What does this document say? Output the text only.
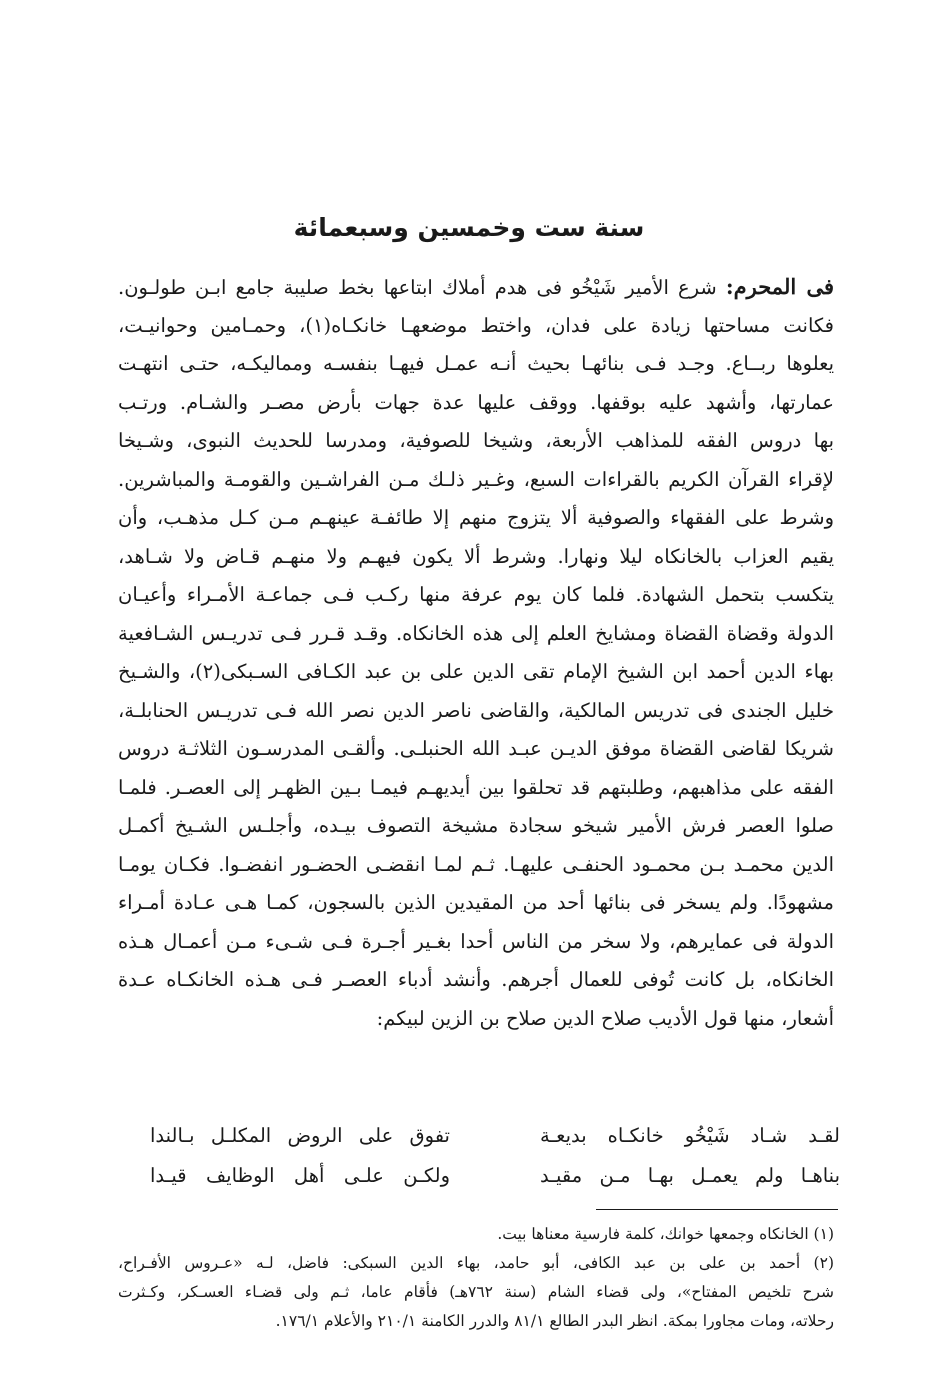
سنة ست وخمسين وسبعمائة
فى المحرم: شرع الأمير شَيْخُو فى هدم أملاك ابتاعها بخط صليبة جامع ابـن طولـون.
فكانت مساحتها زيادة على فدان، واختط موضعهـا خانكـاه(١)، وحمـامين وحوانيـت،
يعلوها ربــاع. وجـد فـى بنائهـا بحيث أنـه عمـل فيهـا بنفسـه ومماليكـه، حتـى انتهـت
عمارتها، وأشهد عليه بوقفها. ووقف عليها عدة جهات بأرض مصـر والشـام. ورتـب
بها دروس الفقه للمذاهب الأربعة، وشيخا للصوفية، ومدرسا للحديث النبوى، وشـيخا
لإقراء القرآن الكريم بالقراءات السبع، وغـير ذلـك مـن الفراشـين والقومـة والمباشرين.
وشرط على الفقهاء والصوفية ألا يتزوج منهم إلا طائفـة عينهـم مـن كـل مذهـب، وأن
يقيم العزاب بالخانكاه ليلا ونهارا. وشرط ألا يكون فيهـم ولا منهـم قـاض ولا شـاهد،
يتكسب بتحمل الشهادة. فلما كان يوم عرفة منها ركـب فـى جماعـة الأمـراء وأعيـان
الدولة وقضاة القضاة ومشايخ العلم إلى هذه الخانكاه. وقـد قـرر فـى تدريـس الشـافعية
بهاء الدين أحمد ابن الشيخ الإمام تقى الدين على بن عبد الكـافى السـبكى(٢)، والشـيخ
خليل الجندى فى تدريس المالكية، والقاضى ناصر الدين نصر الله فـى تدريـس الحنابلـة،
شريكا لقاضى القضاة موفق الديـن عبـد الله الحنبلـى. وألقـى المدرسـون الثلاثـة دروس
الفقه على مذاهبهم، وطلبتهم قد تحلقوا بين أيديهـم فيمـا بـين الظهـر إلى العصـر. فلمـا
صلوا العصر فرش الأمير شيخو سجادة مشيخة التصوف بيـده، وأجلـس الشـيخ أكمـل
الدين محمـد بـن محمـود الحنفـى عليهـا. ثـم لمـا انقضـى الحضـور انفضـوا. فكـان يومـا
مشهودًا. ولم يسخر فى بنائها أحد من المقيدين الذين بالسجون، كمـا هـى عـادة أمـراء
الدولة فى عمايرهم، ولا سخر من الناس أحدا بغـير أجـرة فـى شـىء مـن أعمـال هـذه
الخانكاه، بل كانت تُوفى للعمال أجرهم. وأنشد أدباء العصـر فـى هـذه الخانكـاه عـدة
أشعار، منها قول الأديب صلاح الدين صلاح بن الزين لبيكم:
لقـد شـاد شَيْخُو خانكـاه بديعـة
تفوق على الروض المكلـل بـالندا
بناهـا ولم يعمـل بهـا مـن مقيـد
ولكـن علـى أهل الوظايف قيـدا
(١) الخانكاه وجمعها خوانك، كلمة فارسية معناها بيت.
(٢) أحمد بن على بن عبد الكافى، أبو حامد، بهاء الدين السبكى: فاضل، لـه «عـروس الأفـراح،
شرح تلخيص المفتاح»، ولى قضاء الشام (سنة ٧٦٢هـ) فأقام عاما، ثـم ولى قضـاء العسـكر، وكـثرت
رحلاته، ومات مجاورا بمكة. انظر البدر الطالع ٨١/١ والدرر الكامنة ٢١٠/١ والأعلام ١٧٦/١.
